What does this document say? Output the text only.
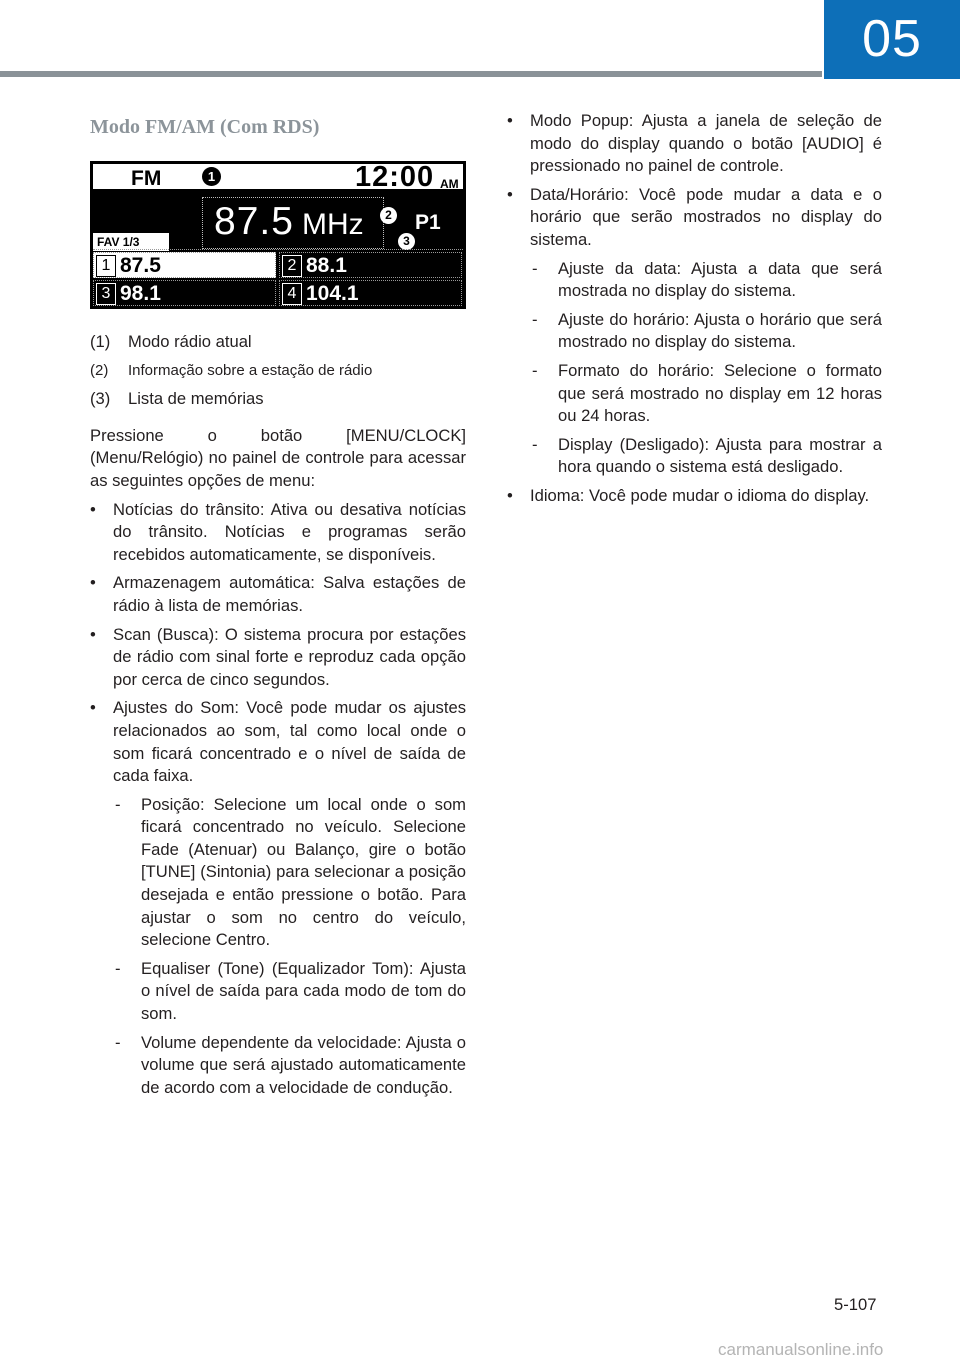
05
Modo FM/AM (Com RDS)
FM	1	12:00 AM
87.5 MHz	2 P1
3
FAV 1/3
1 87.5	2 88.1
3 98.1	4 104.1
(1)	Modo rádio atual
(2)	Informação sobre a estação de rádio
(3)	Lista de memórias

Pressione o botão [MENU/CLOCK] (Menu/Relógio) no painel de controle para acessar as seguintes opções de menu:

• Notícias do trânsito: Ativa ou desativa notícias do trânsito. Notícias e programas serão recebidos automaticamente, se disponíveis.
• Armazenagem automática: Salva estações de rádio à lista de memórias.
• Scan (Busca): O sistema procura por estações de rádio com sinal forte e reproduz cada opção por cerca de cinco segundos.
• Ajustes do Som: Você pode mudar os ajustes relacionados ao som, tal como local onde o som ficará concentrado e o nível de saída de cada faixa.
- Posição: Selecione um local onde o som ficará concentrado no veículo. Selecione Fade (Atenuar) ou Balanço, gire o botão [TUNE] (Sintonia) para selecionar a posição desejada e então pressione o botão. Para ajustar o som no centro do veículo, selecione Centro.
- Equaliser (Tone) (Equalizador Tom): Ajusta o nível de saída para cada modo de tom do som.
- Volume dependente da velocidade: Ajusta o volume que será ajustado automaticamente de acordo com a velocidade de condução.
• Modo Popup: Ajusta a janela de seleção de modo do display quando o botão [AUDIO] é pressionado no painel de controle.
• Data/Horário: Você pode mudar a data e o horário que serão mostrados no display do sistema.
- Ajuste da data: Ajusta a data que será mostrada no display do sistema.
- Ajuste do horário: Ajusta o horário que será mostrado no display do sistema.
- Formato do horário: Selecione o formato que será mostrado no display em 12 horas ou 24 horas.
- Display (Desligado): Ajusta para mostrar a hora quando o sistema está desligado.
• Idioma: Você pode mudar o idioma do display.
5-107
carmanualsonline.info
